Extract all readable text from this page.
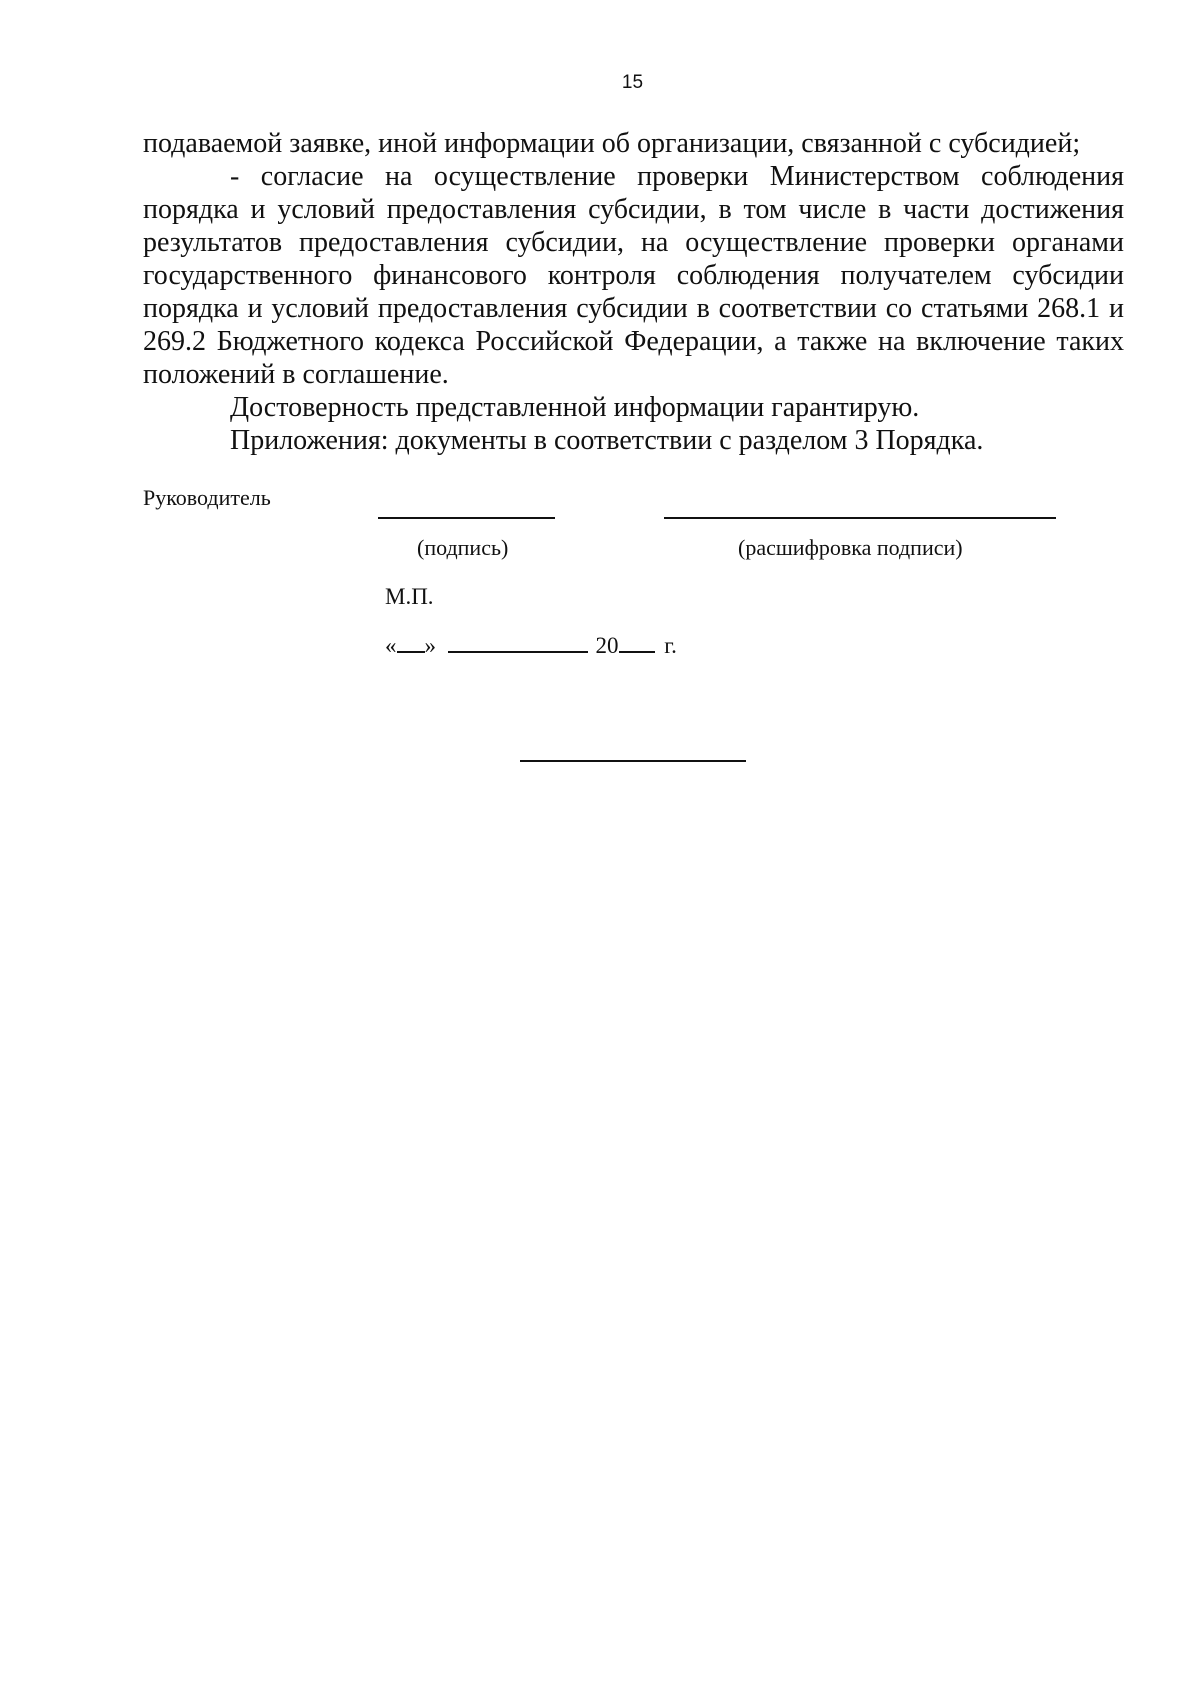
15

подаваемой заявке, иной информации об организации, связанной с субсидией;

- согласие на осуществление проверки Министерством соблюдения порядка и условий предоставления субсидии, в том числе в части достижения результатов предоставления субсидии, на осуществление проверки органами государственного финансового контроля соблюдения получателем субсидии порядка и условий предоставления субсидии в соответствии со статьями 268.1 и 269.2 Бюджетного кодекса Российской Федерации, а также на включение таких положений в соглашение.

Достоверность представленной информации гарантирую.

Приложения: документы в соответствии с разделом 3 Порядка.

Руководитель
(подпись)	(расшифровка подписи)
М.П.
« »	20 г.
